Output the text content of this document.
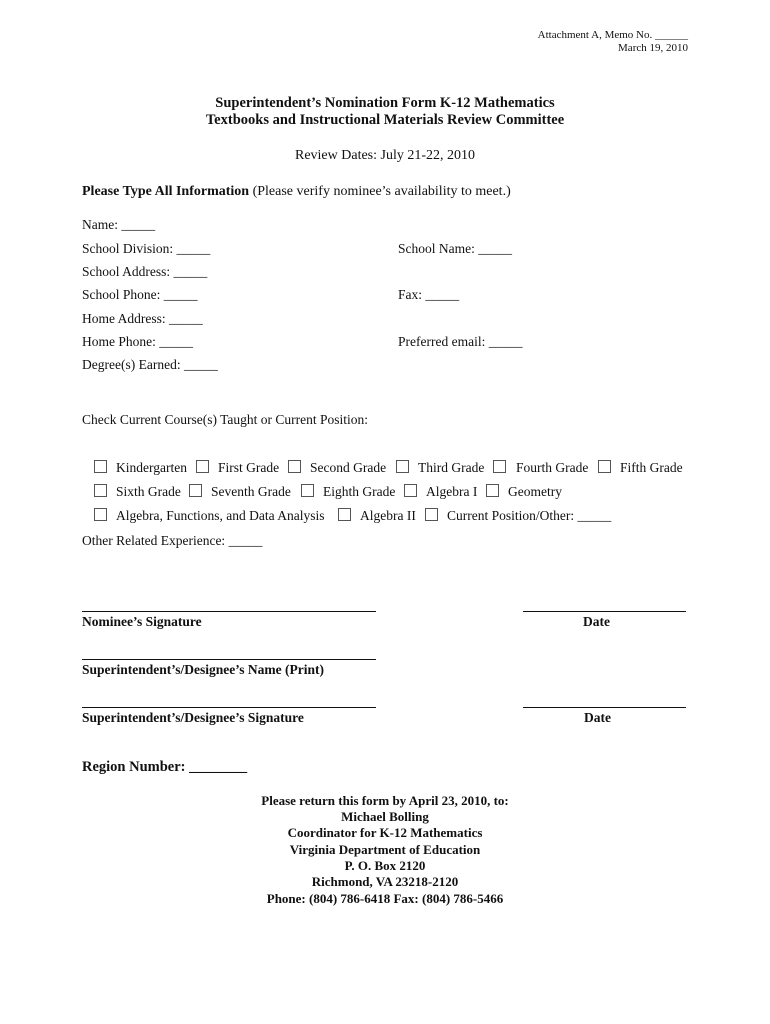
Attachment A, Memo No. ______
March 19, 2010
Superintendent’s Nomination Form K-12 Mathematics
Textbooks and Instructional Materials Review Committee
Review Dates: July 21-22, 2010
Please Type All Information (Please verify nominee’s availability to meet.)
Name: _____
School Division: _____	School Name: _____
School Address: _____
School Phone: _____	Fax: _____
Home Address: _____
Home Phone: _____	Preferred email: _____
Degree(s) Earned: _____
Check Current Course(s) Taught or Current Position:
Kindergarten First Grade Second Grade Third Grade Fourth Grade Fifth Grade
Sixth Grade Seventh Grade Eighth Grade Algebra I Geometry
Algebra, Functions, and Data Analysis	Algebra II Current Position/Other: _____
Other Related Experience: _____
Nominee’s Signature	Date
Superintendent’s/Designee’s Name (Print)
Superintendent’s/Designee’s Signature	Date
Region Number: ________
Please return this form by April 23, 2010, to:
Michael Bolling
Coordinator for K-12 Mathematics
Virginia Department of Education
P. O. Box 2120
Richmond, VA 23218-2120
Phone: (804) 786-6418 Fax: (804) 786-5466
